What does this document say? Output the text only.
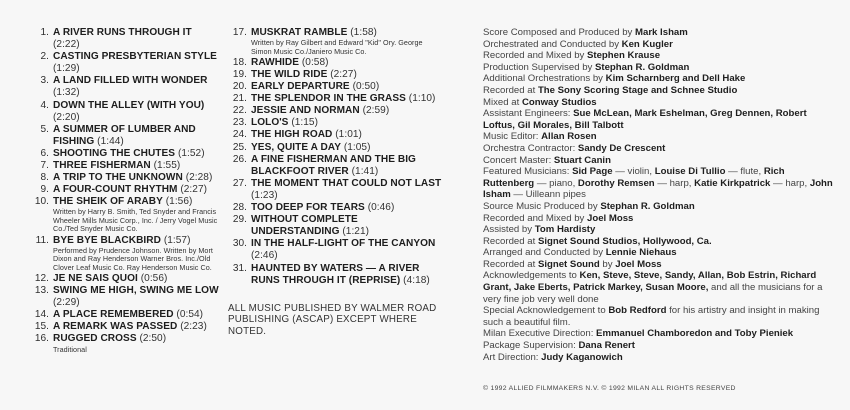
1. A RIVER RUNS THROUGH IT (2:22)
2. CASTING PRESBYTERIAN STYLE (1:29)
3. A LAND FILLED WITH WONDER (1:32)
4. DOWN THE ALLEY (WITH YOU) (2:20)
5. A SUMMER OF LUMBER AND FISHING (1:44)
6. SHOOTING THE CHUTES (1:52)
7. THREE FISHERMAN (1:55)
8. A TRIP TO THE UNKNOWN (2:28)
9. A FOUR-COUNT RHYTHM (2:27)
10. THE SHEIK OF ARABY (1:56)
Written by Harry B. Smith, Ted Snyder and Francis Wheeler Mills Music Corp., Inc. / Jerry Vogel Music Co./Ted Snyder Music Co.
11. BYE BYE BLACKBIRD (1:57)
Performed by Prudence Johnson. Written by Mort Dixon and Ray Henderson Warner Bros. Inc./Old Clover Leaf Music Co. Ray Henderson Music Co.
12. JE NE SAIS QUOI (0:56)
13. SWING ME HIGH, SWING ME LOW (2:29)
14. A PLACE REMEMBERED (0:54)
15. A REMARK WAS PASSED (2:23)
16. RUGGED CROSS (2:50)
Traditional
17. MUSKRAT RAMBLE (1:58)
Written by Ray Gilbert and Edward "Kid" Ory. George Simon Music Co./Janiero Music Co.
18. RAWHIDE (0:58)
19. THE WILD RIDE (2:27)
20. EARLY DEPARTURE (0:50)
21. THE SPLENDOR IN THE GRASS (1:10)
22. JESSIE AND NORMAN (2:59)
23. LOLO'S (1:15)
24. THE HIGH ROAD (1:01)
25. YES, QUITE A DAY (1:05)
26. A FINE FISHERMAN AND THE BIG BLACKFOOT RIVER (1:41)
27. THE MOMENT THAT COULD NOT LAST (1:23)
28. TOO DEEP FOR TEARS (0:46)
29. WITHOUT COMPLETE UNDERSTANDING (1:21)
30. IN THE HALF-LIGHT OF THE CANYON (2:46)
31. HAUNTED BY WATERS — A RIVER RUNS THROUGH IT (REPRISE) (4:18)

ALL MUSIC PUBLISHED BY WALMER ROAD PUBLISHING (ASCAP) EXCEPT WHERE NOTED.

Score Composed and Produced by Mark Isham
Orchestrated and Conducted by Ken Kugler
Recorded and Mixed by Stephen Krause
Production Supervised by Stephan R. Goldman
Additional Orchestrations by Kim Scharnberg and Dell Hake
Recorded at The Sony Scoring Stage and Schnee Studio
Mixed at Conway Studios
Assistant Engineers: Sue McLean, Mark Eshelman, Greg Dennen, Robert Loftus, Gil Morales, Bill Talbott
Music Editor: Allan Rosen
Orchestra Contractor: Sandy De Crescent
Concert Master: Stuart Canin
Featured Musicians: Sid Page — violin, Louise Di Tullio — flute, Rich Ruttenberg — piano, Dorothy Remsen — harp, Katie Kirkpatrick — harp, John Isham — Uilleann pipes
Source Music Produced by Stephan R. Goldman
Recorded and Mixed by Joel Moss
Assisted by Tom Hardisty
Recorded at Signet Sound Studios, Hollywood, Ca.
Arranged and Conducted by Lennie Niehaus
Recorded at Signet Sound by Joel Moss
Acknowledgements to Ken, Steve, Steve, Sandy, Allan, Bob Estrin, Richard Grant, Jake Eberts, Patrick Markey, Susan Moore, and all the musicians for a very fine job very well done
Special Acknowledgement to Bob Redford for his artistry and insight in making such a beautiful film.
Milan Executive Direction: Emmanuel Chamboredon and Toby Pieniek
Package Supervision: Dana Renert
Art Direction: Judy Kaganowich
© 1992 ALLIED FILMMAKERS N.V. © 1992 MILAN ALL RIGHTS RESERVED
